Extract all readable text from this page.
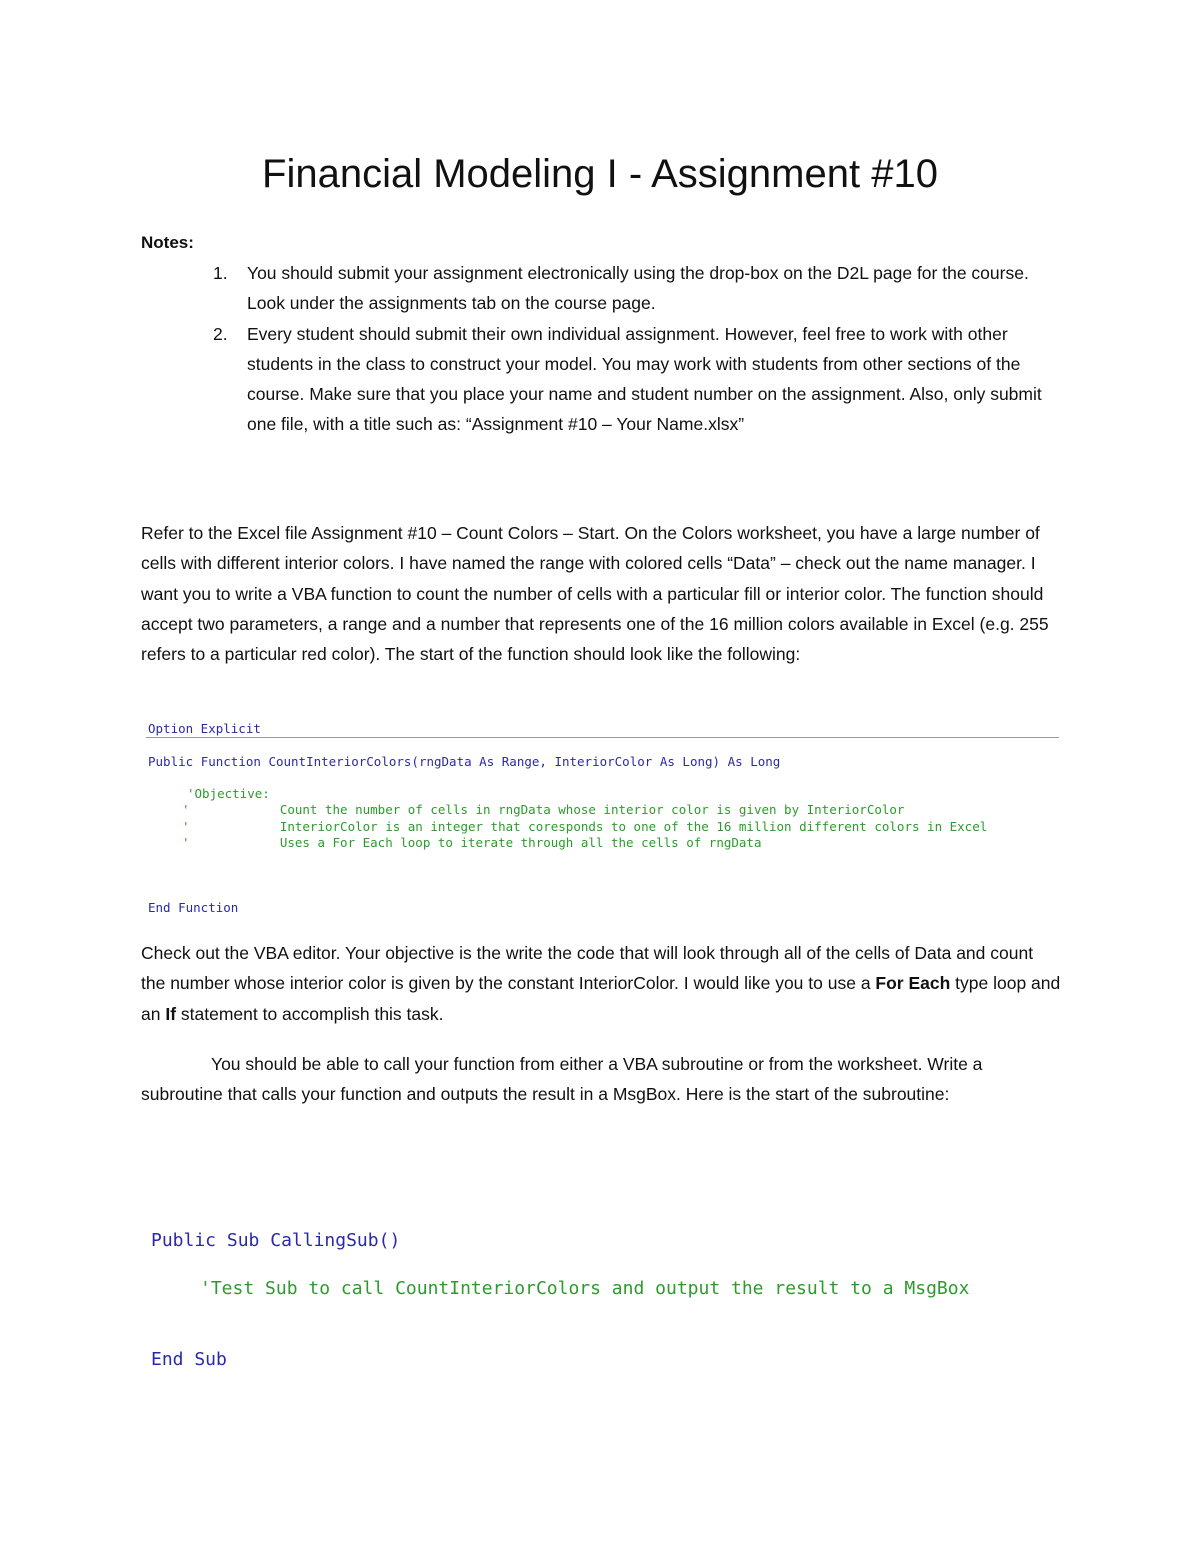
Financial Modeling I - Assignment #10
Notes:
1. You should submit your assignment electronically using the drop-box on the D2L page for the course. Look under the assignments tab on the course page.
2. Every student should submit their own individual assignment. However, feel free to work with other students in the class to construct your model. You may work with students from other sections of the course. Make sure that you place your name and student number on the assignment. Also, only submit one file, with a title such as: “Assignment #10 – Your Name.xlsx”

Refer to the Excel file Assignment #10 – Count Colors – Start. On the Colors worksheet, you have a large number of cells with different interior colors. I have named the range with colored cells “Data” – check out the name manager. I want you to write a VBA function to count the number of cells with a particular fill or interior color. The function should accept two parameters, a range and a number that represents one of the 16 million colors available in Excel (e.g. 255 refers to a particular red color). The start of the function should look like the following:

Option Explicit
Public Function CountInteriorColors(rngData As Range, InteriorColor As Long) As Long
'Objective:
'            Count the number of cells in rngData whose interior color is given by InteriorColor
'            InteriorColor is an integer that coresponds to one of the 16 million different colors in Excel
'            Uses a For Each loop to iterate through all the cells of rngData
End Function

Check out the VBA editor. Your objective is the write the code that will look through all of the cells of Data and count the number whose interior color is given by the constant InteriorColor. I would like you to use a For Each type loop and an If statement to accomplish this task.

You should be able to call your function from either a VBA subroutine or from the worksheet. Write a subroutine that calls your function and outputs the result in a MsgBox. Here is the start of the subroutine:

Public Sub CallingSub()
'Test Sub to call CountInteriorColors and output the result to a MsgBox
End Sub
